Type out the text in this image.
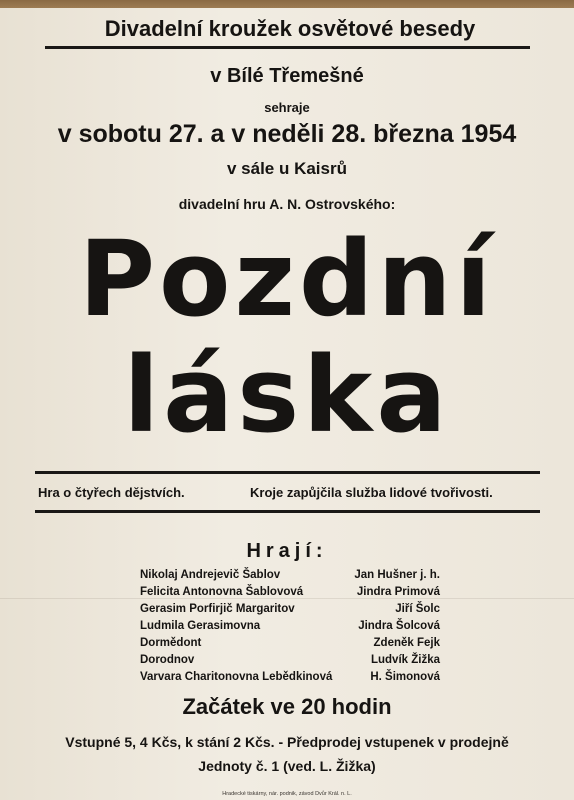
Divadelní kroužek osvětové besedy
v Bílé Třemešné
sehraje
v sobotu 27. a v neděli 28. března 1954
v sále u Kaisrů
divadelní hru A. N. Ostrovského:
Pozdní
láska
Hra o čtyřech dějstvích.	Kroje zapůjčila služba lidové tvořivosti.
Hrají:
Nikolaj Andrejevič Šablov	Jan Hušner j. h.
Felicita Antonovna Šablovová	Jindra Primová
Gerasim Porfirjič Margaritov	Jiří Šolc
Ludmila Gerasimovna	Jindra Šolcová
Dormědont	Zdeněk Fejk
Dorodnov	Ludvík Žižka
Varvara Charitonovna Lebědkinová	H. Šimonová
Začátek ve 20 hodin
Vstupné 5, 4 Kčs, k stání 2 Kčs. - Předprodej vstupenek v prodejně
Jednoty č. 1 (ved. L. Žižka)
Hradecké tiskárny, nár. podnik, závod Dvůr Král. n. L.
